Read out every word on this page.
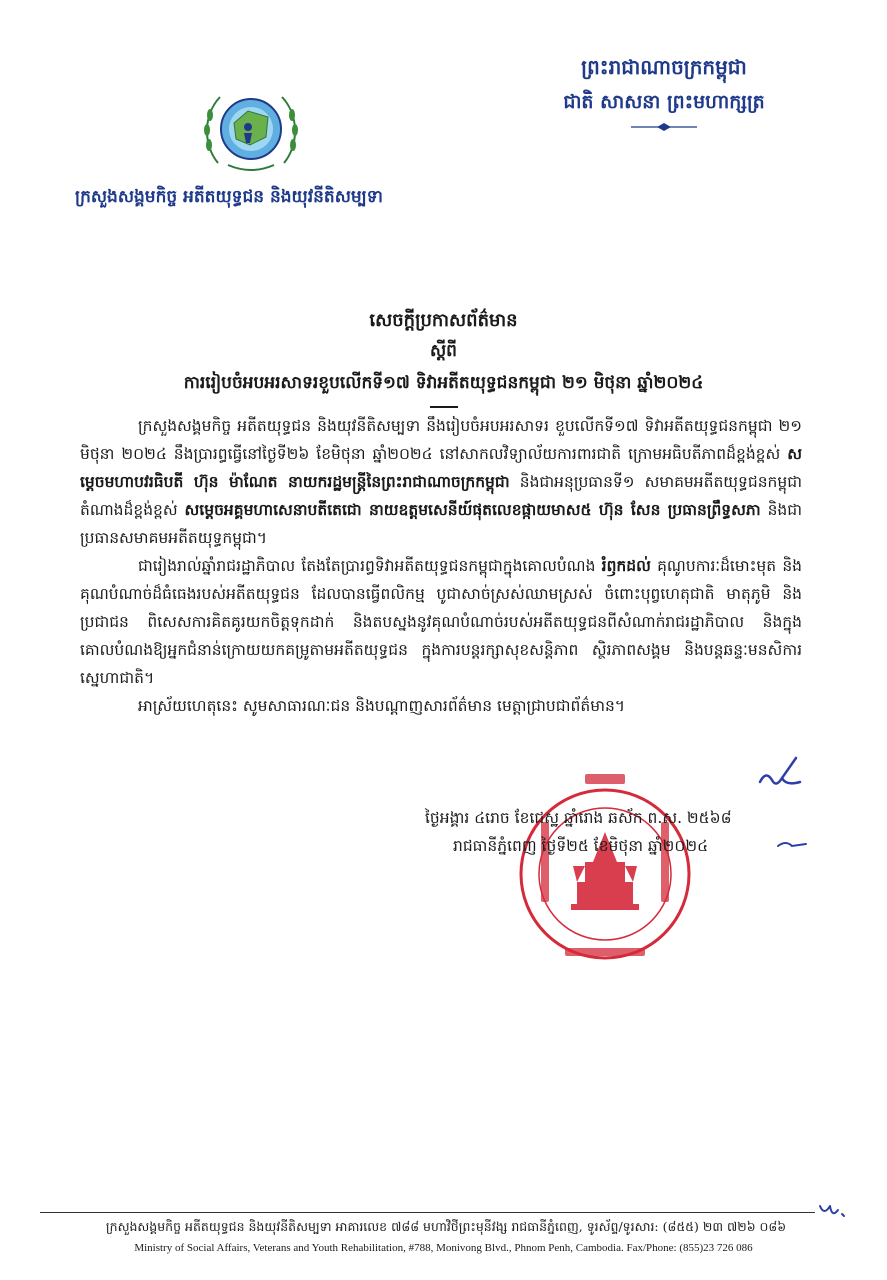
ព្រះរាជាណាចក្រកម្ពុជា
ជាតិ សាសនា ព្រះមហាក្សត្រ
ក្រសួងសង្គមកិច្ច អតីតយុទ្ធជន និងយុវនីតិសម្បទា
សេចក្តីប្រកាសព័ត៌មាន
ស្តីពី
ការរៀបចំអបអរសាទរខួបលើកទី១៧ ទិវាអតីតយុទ្ធជនកម្ពុជា ២១ មិថុនា ឆ្នាំ២០២៤

ក្រសួងសង្គមកិច្ច អតីតយុទ្ធជន និងយុវនីតិសម្បទា នឹងរៀបចំអបអរសាទរ ខួបលើកទី១៧ ទិវាអតីតយុទ្ធជនកម្ពុជា ២១ មិថុនា ២០២៤ នឹងប្រារព្ធធ្វើនៅថ្ងៃទី២៦ ខែមិថុនា ឆ្នាំ២០២៤ នៅសាកលវិទ្យាល័យការពារជាតិ ក្រោមអធិបតីភាពដ៏ខ្ពង់ខ្ពស់ សម្តេចមហាបវរធិបតី ហ៊ុន ម៉ាណែត នាយករដ្ឋមន្ត្រីនៃព្រះរាជាណាចក្រកម្ពុជា និងជាអនុប្រធានទី១ សមាគមអតីតយុទ្ធជនកម្ពុជា តំណាងដ៏ខ្ពង់ខ្ពស់ សម្តេចអគ្គមហាសេនាបតីតេជោ នាយឧត្តមសេនីយ៍ផុតលេខផ្កាយមាស៥ ហ៊ុន សែន ប្រធានព្រឹទ្ធសភា និងជាប្រធានសមាគមអតីតយុទ្ធកម្ពុជា។

ជារៀងរាល់ឆ្នាំរាជរដ្ឋាភិបាល តែងតែប្រារព្ធទិវាអតីតយុទ្ធជនកម្ពុជាក្នុងគោលបំណង រំឭកដល់ គុណូបការៈដ៏មោះមុត និងគុណបំណាច់ដ៏ធំធេងរបស់អតីតយុទ្ធជន ដែលបានធ្វើពលិកម្ម បូជាសាច់ស្រស់ឈាមស្រស់ ចំពោះបុព្វហេតុជាតិ មាតុភូមិ និងប្រជាជន ពិសេសការគិតគូរយកចិត្តទុកដាក់ និងតបស្នងនូវគុណបំណាច់របស់អតីតយុទ្ធជនពីសំណាក់រាជរដ្ឋាភិបាល និងក្នុងគោលបំណងឱ្យអ្នកជំនាន់ក្រោយយកគម្រូតាមអតីតយុទ្ធជន ក្នុងការបន្តរក្សាសុខសន្តិភាព ស្ថិរភាពសង្គម និងបន្តឆន្ទៈមនសិការស្នេហាជាតិ។

អាស្រ័យហេតុនេះ សូមសាធារណៈជន និងបណ្តាញសារព័ត៌មាន មេត្តាជ្រាបជាព័ត៌មាន។

ថ្ងៃអង្គារ ៤រោច ខែជេស្ឋ ឆ្នាំរោង ឆស័ក ព.ស. ២៥៦៨
រាជធានីភ្នំពេញ ថ្ងៃទី២៥ ខែមិថុនា ឆ្នាំ២០២៤
ក្រសួងសង្គមកិច្ច អតីតយុទ្ធជន និងយុវនីតិសម្បទា អាគារលេខ ៧៨៨ មហាវិថីព្រះមុនីវង្ស រាជធានីភ្នំពេញ, ទូរស័ព្ទ/ទូរសារ: (៨៥៥) ២៣ ៧២៦ ០៨៦
Ministry of Social Affairs, Veterans and Youth Rehabilitation, #788, Monivong Blvd., Phnom Penh, Cambodia. Fax/Phone: (855)23 726 086
